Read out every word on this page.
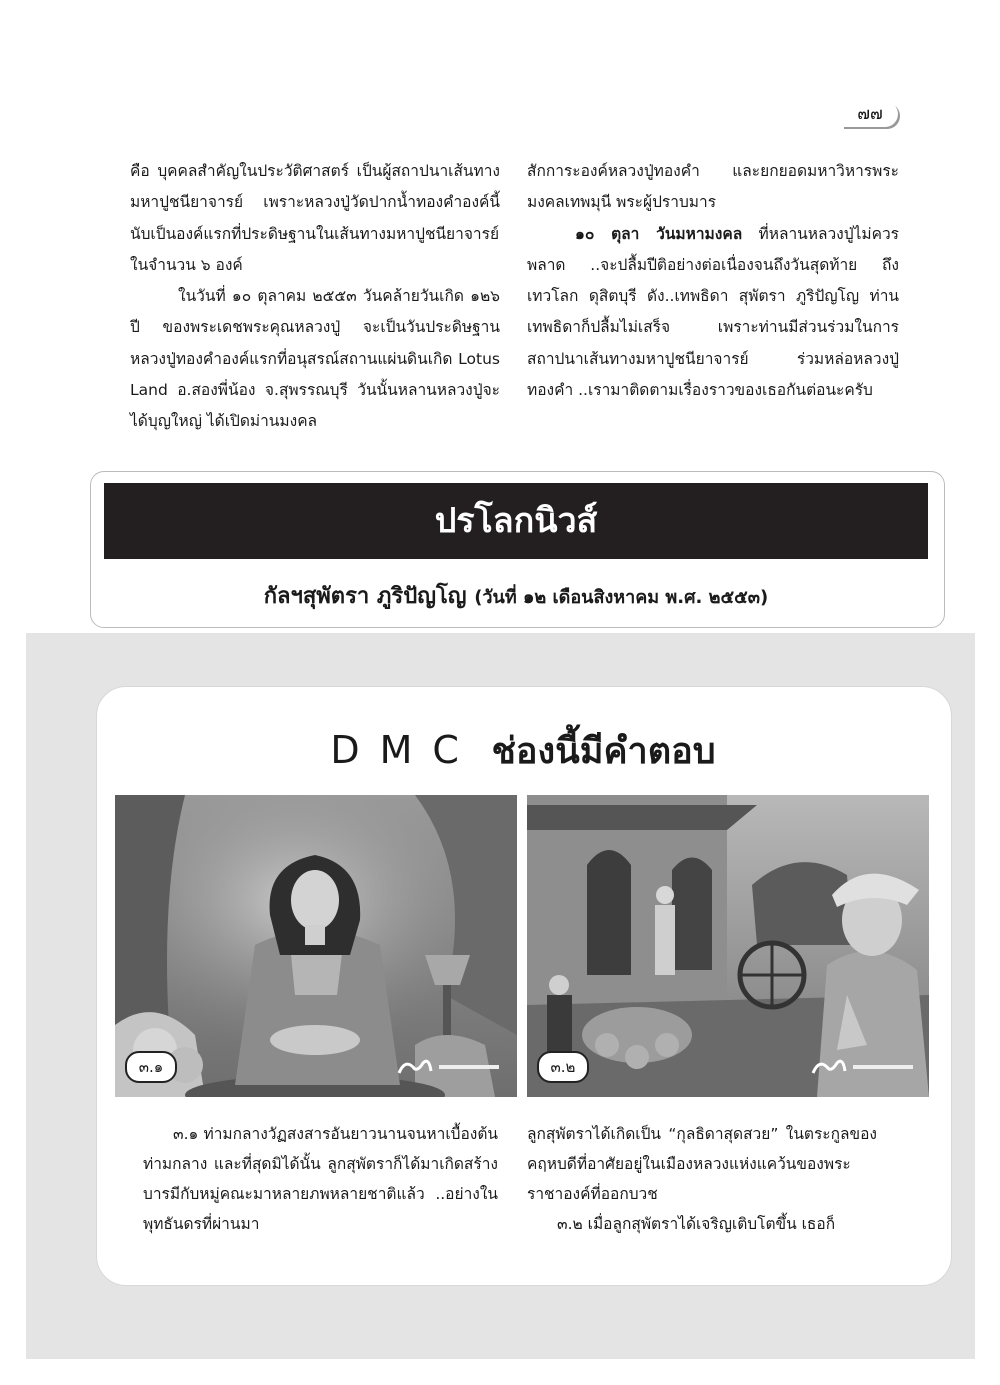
๗๗

คือ บุคคลสำคัญในประวัติศาสตร์ เป็นผู้สถาปนาเส้นทางมหาปูชนียาจารย์ เพราะหลวงปู่วัดปากน้ำทองคำองค์นี้นับเป็นองค์แรกที่ประดิษฐานในเส้นทางมหาปูชนียาจารย์ในจำนวน ๖ องค์

ในวันที่ ๑๐ ตุลาคม ๒๕๕๓ วันคล้ายวันเกิด ๑๒๖ ปี ของพระเดชพระคุณหลวงปู่ จะเป็นวันประดิษฐานหลวงปู่ทองคำองค์แรกที่อนุสรณ์สถานแผ่นดินเกิด Lotus Land อ.สองพี่น้อง จ.สุพรรณบุรี วันนั้นหลานหลวงปู่จะได้บุญใหญ่ ได้เปิดม่านมงคล

สักการะองค์หลวงปู่ทองคำ และยกยอดมหาวิหารพระมงคลเทพมุนี พระผู้ปราบมาร

๑๐ ตุลา วันมหามงคล ที่หลานหลวงปู่ไม่ควรพลาด ..จะปลื้มปีติอย่างต่อเนื่องจนถึงวันสุดท้าย ถึงเทวโลก ดุสิตบุรี ดัง..เทพธิดา สุพัตรา ภูริปัญโญ ท่านเทพธิดาก็ปลื้มไม่เสร็จ เพราะท่านมีส่วนร่วมในการสถาปนาเส้นทางมหาปูชนียาจารย์ ร่วมหล่อหลวงปู่ทองคำ ..เรามาติดตามเรื่องราวของเธอกันต่อนะครับ

ปรโลกนิวส์
กัลฯสุพัตรา ภูริปัญโญ (วันที่ ๑๒ เดือนสิงหาคม พ.ศ. ๒๕๕๓)
DMC ช่องนี้มีคำตอบ
๓.๑	๓.๒

๓.๑ ท่ามกลางวัฏสงสารอันยาวนานจนหาเบื้องต้น ท่ามกลาง และที่สุดมิได้นั้น ลูกสุพัตราก็ได้มาเกิดสร้างบารมีกับหมู่คณะมาหลายภพหลายชาติแล้ว ..อย่างในพุทธันดรที่ผ่านมา

ลูกสุพัตราได้เกิดเป็น “กุลธิดาสุดสวย” ในตระกูลของคฤหบดีที่อาศัยอยู่ในเมืองหลวงแห่งแคว้นของพระราชาองค์ที่ออกบวช

๓.๒ เมื่อลูกสุพัตราได้เจริญเติบโตขึ้น เธอก็
